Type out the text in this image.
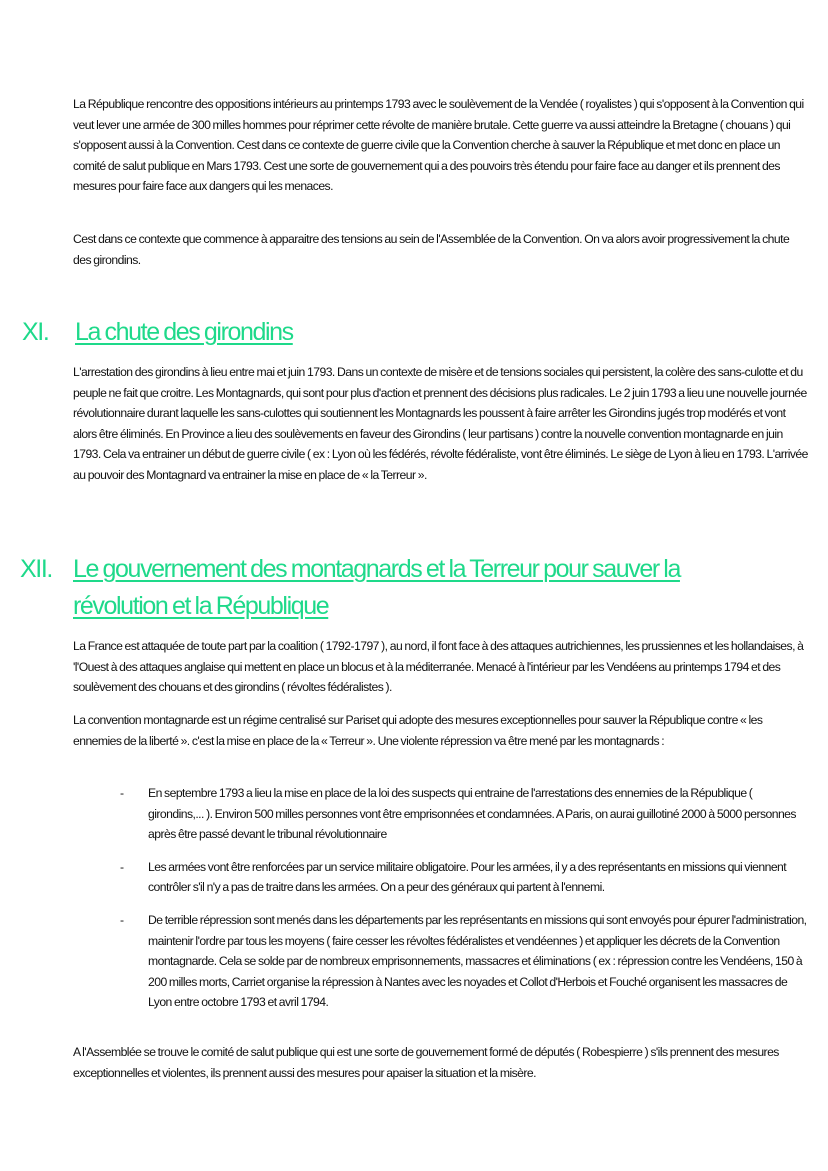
La République rencontre des oppositions intérieurs au printemps 1793 avec le soulèvement de la Vendée ( royalistes ) qui s'opposent à la Convention qui veut lever une armée de 300 milles hommes pour réprimer cette révolte de manière brutale. Cette guerre va aussi atteindre la Bretagne ( chouans ) qui s'opposent aussi à la Convention. Cest dans ce contexte de guerre civile que la Convention cherche à sauver la République et met donc en place un comité de salut publique en Mars 1793. Cest une sorte de gouvernement qui a des pouvoirs très étendu pour faire face au danger et ils prennent des mesures pour faire face aux dangers qui les menaces.

Cest dans ce contexte que commence à apparaitre des tensions au sein de l'Assemblée de la Convention. On va alors avoir progressivement la chute des girondins.

XI. La chute des girondins

L'arrestation des girondins à lieu entre mai et juin 1793. Dans un contexte de misère et de tensions sociales qui persistent, la colère des sans-culotte et du peuple ne fait que croitre. Les Montagnards, qui sont pour plus d'action et prennent des décisions plus radicales. Le 2 juin 1793 a lieu une nouvelle journée révolutionnaire durant laquelle les sans-culottes qui soutiennent les Montagnards les poussent à faire arrêter les Girondins jugés trop modérés et vont alors être éliminés. En Province a lieu des soulèvements en faveur des Girondins ( leur partisans ) contre la nouvelle convention montagnarde en juin 1793. Cela va entrainer un début de guerre civile ( ex : Lyon où les fédérés, révolte fédéraliste, vont être éliminés. Le siège de Lyon à lieu en 1793. L'arrivée au pouvoir des Montagnard va entrainer la mise en place de « la Terreur ».

XII. Le gouvernement des montagnards et la Terreur pour sauver la révolution et la République

La France est attaquée de toute part par la coalition ( 1792-1797 ), au nord, il font face à des attaques autrichiennes, les prussiennes et les hollandaises, à 'l'Ouest à des attaques anglaise qui mettent en place un blocus et à la méditerranée. Menacé à l'intérieur par les Vendéens au printemps 1794 et des soulèvement des chouans et des girondins ( révoltes fédéralistes ).

La convention montagnarde est un régime centralisé sur Pariset qui adopte des mesures exceptionnelles pour sauver la République contre « les ennemies de la liberté ». c'est la mise en place de la « Terreur ». Une violente répression va être mené par les montagnards :

- En septembre 1793 a lieu la mise en place de la loi des suspects qui entraine de l'arrestations des ennemies de la République ( girondins,... ). Environ 500 milles personnes vont être emprisonnées et condamnées. A Paris, on aurai guillotiné 2000 à 5000 personnes après être passé devant le tribunal révolutionnaire
- Les armées vont être renforcées par un service militaire obligatoire. Pour les armées, il y a des représentants en missions qui viennent contrôler s'il n'y a pas de traitre dans les armées. On a peur des généraux qui partent à l'ennemi.
- De terrible répression sont menés dans les départements par les représentants en missions qui sont envoyés pour épurer l'administration, maintenir l'ordre par tous les moyens ( faire cesser les révoltes fédéralistes et vendéennes ) et appliquer les décrets de la Convention montagnarde. Cela se solde par de nombreux emprisonnements, massacres et éliminations ( ex : répression contre les Vendéens, 150 à 200 milles morts, Carriet organise la répression à Nantes avec les noyades et Collot d'Herbois et Fouché organisent les massacres de Lyon entre octobre 1793 et avril 1794.

A l'Assemblée se trouve le comité de salut publique qui est une sorte de gouvernement formé de députés ( Robespierre ) s'ils prennent des mesures exceptionnelles et violentes, ils prennent aussi des mesures pour apaiser la situation et la misère.
